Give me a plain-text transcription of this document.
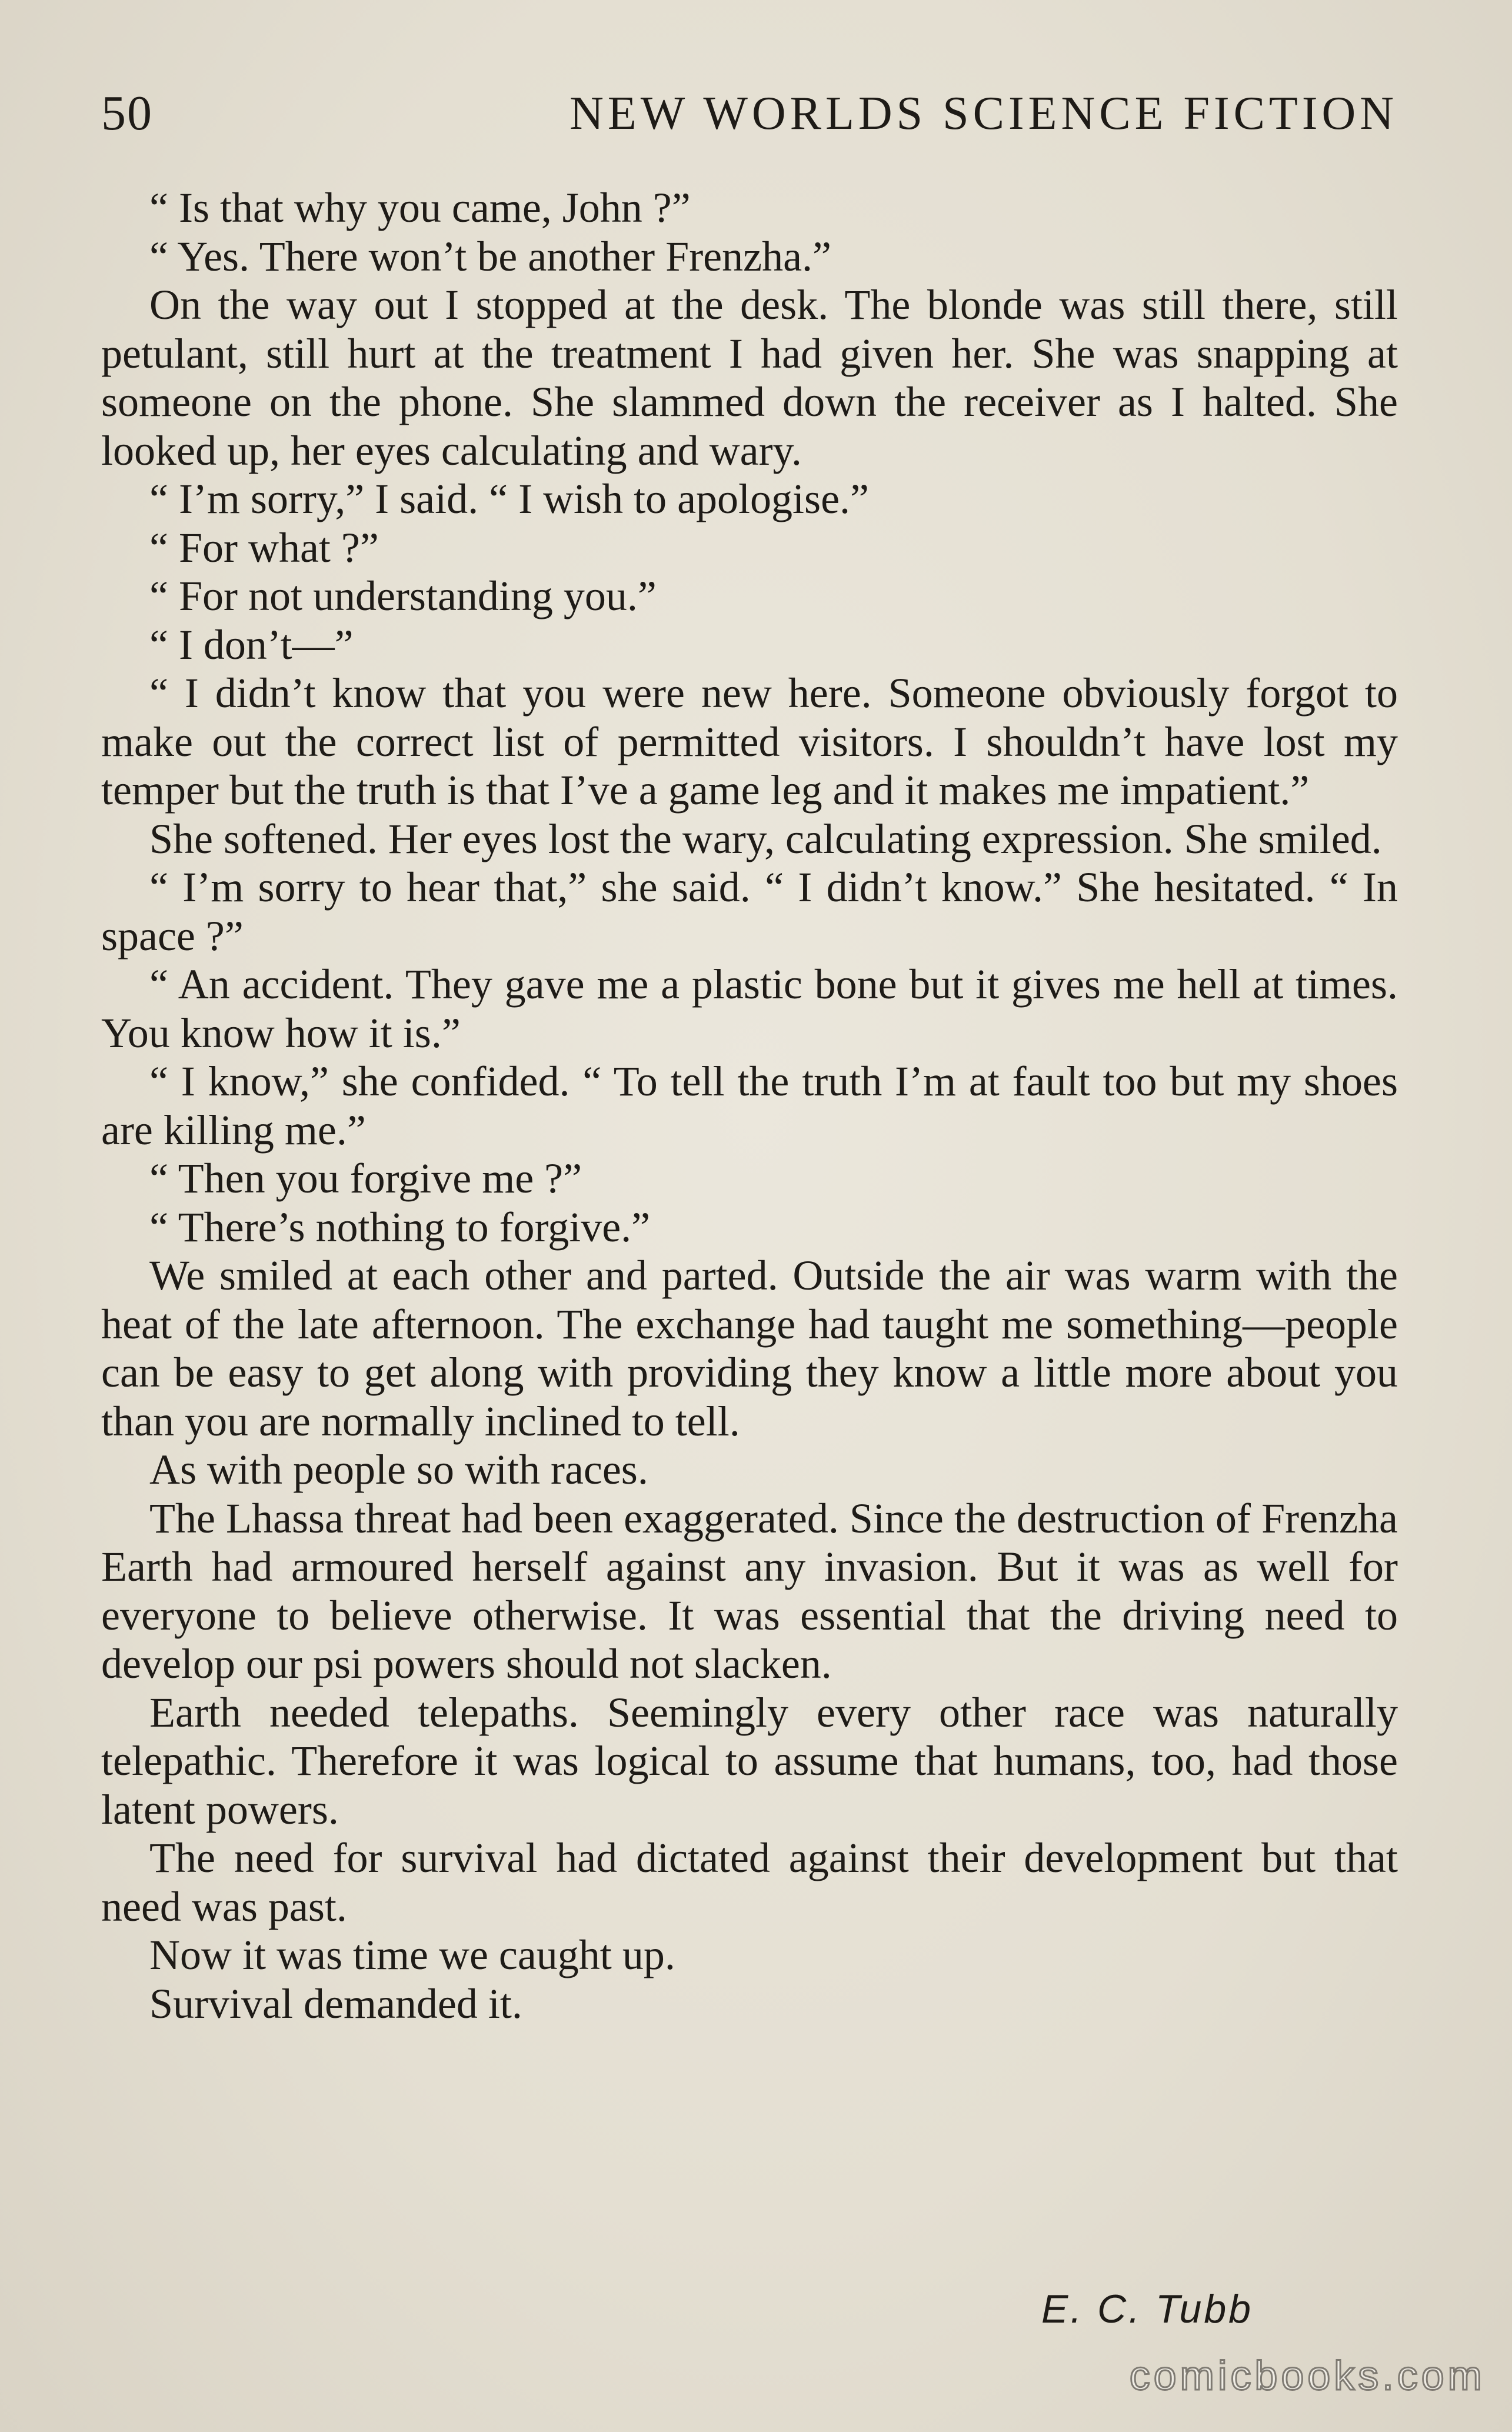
50	NEW WORLDS SCIENCE FICTION

“ Is that why you came, John ?”

“ Yes. There won’t be another Frenzha.”

On the way out I stopped at the desk. The blonde was still there, still petulant, still hurt at the treatment I had given her. She was snapping at someone on the phone. She slammed down the receiver as I halted. She looked up, her eyes calculating and wary.

“ I’m sorry,” I said. “ I wish to apologise.”

“ For what ?”

“ For not understanding you.”

“ I don’t—”

“ I didn’t know that you were new here. Someone obviously forgot to make out the correct list of permitted visitors. I shouldn’t have lost my temper but the truth is that I’ve a game leg and it makes me impatient.”

She softened. Her eyes lost the wary, calculating expression. She smiled.

“ I’m sorry to hear that,” she said. “ I didn’t know.” She hesitated. “ In space ?”

“ An accident. They gave me a plastic bone but it gives me hell at times. You know how it is.”

“ I know,” she confided. “ To tell the truth I’m at fault too but my shoes are killing me.”

“ Then you forgive me ?”

“ There’s nothing to forgive.”

We smiled at each other and parted. Outside the air was warm with the heat of the late afternoon. The exchange had taught me something—people can be easy to get along with providing they know a little more about you than you are normally inclined to tell.

As with people so with races.

The Lhassa threat had been exaggerated. Since the destruction of Frenzha Earth had armoured herself against any invasion. But it was as well for everyone to believe otherwise. It was essential that the driving need to develop our psi powers should not slacken.

Earth needed telepaths. Seemingly every other race was naturally telepathic. Therefore it was logical to assume that humans, too, had those latent powers.

The need for survival had dictated against their development but that need was past.

Now it was time we caught up.

Survival demanded it.

E. C. Tubb
comicbooks.com
